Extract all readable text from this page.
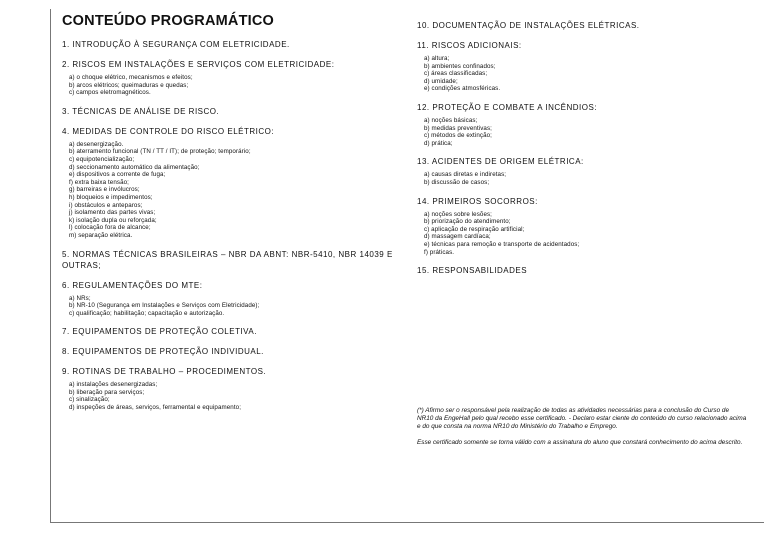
CONTEÚDO PROGRAMÁTICO
1. INTRODUÇÃO À SEGURANÇA COM ELETRICIDADE.
2. RISCOS EM INSTALAÇÕES E SERVIÇOS COM ELETRICIDADE:
a) o choque elétrico, mecanismos e efeitos;
b) arcos elétricos; queimaduras e quedas;
c) campos eletromagnéticos.
3. TÉCNICAS DE ANÁLISE DE RISCO.
4. MEDIDAS DE CONTROLE DO RISCO ELÉTRICO:
a) desenergização.
b) aterramento funcional (TN / TT / IT); de proteção; temporário;
c) equipotencialização;
d) seccionamento automático da alimentação;
e) dispositivos a corrente de fuga;
f) extra baixa tensão;
g) barreiras e invólucros;
h) bloqueios e impedimentos;
i) obstáculos e anteparos;
j) isolamento das partes vivas;
k) isolação dupla ou reforçada;
l) colocação fora de alcance;
m) separação elétrica.
5. NORMAS TÉCNICAS BRASILEIRAS – NBR DA ABNT: NBR-5410, NBR 14039 E OUTRAS;
6. REGULAMENTAÇÕES DO MTE:
a) NRs;
b) NR-10 (Segurança em Instalações e Serviços com Eletricidade);
c) qualificação; habilitação; capacitação e autorização.
7. EQUIPAMENTOS DE PROTEÇÃO COLETIVA.
8. EQUIPAMENTOS DE PROTEÇÃO INDIVIDUAL.
9. ROTINAS DE TRABALHO – PROCEDIMENTOS.
a) instalações desenergizadas;
b) liberação para serviços;
c) sinalização;
d) inspeções de áreas, serviços, ferramental e equipamento;
10. DOCUMENTAÇÃO DE INSTALAÇÕES ELÉTRICAS.
11. RISCOS ADICIONAIS:
a) altura;
b) ambientes confinados;
c) áreas classificadas;
d) umidade;
e) condições atmosféricas.
12. PROTEÇÃO E COMBATE A INCÊNDIOS:
a) noções básicas;
b) medidas preventivas;
c) métodos de extinção;
d) prática;
13. ACIDENTES DE ORIGEM ELÉTRICA:
a) causas diretas e indiretas;
b) discussão de casos;
14. PRIMEIROS SOCORROS:
a) noções sobre lesões;
b) priorização do atendimento;
c) aplicação de respiração artificial;
d) massagem cardíaca;
e) técnicas para remoção e transporte de acidentados;
f) práticas.
15. RESPONSABILIDADES
(*) Afirmo ser o responsável pela realização de todas as atividades necessárias para a conclusão do Curso de NR10 da EngeHall pelo qual recebo esse certificado. - Declaro estar ciente do conteúdo do curso relacionado acima e do que consta na norma NR10 do Ministério do Trabalho e Emprego.
Esse certificado somente se torna válido com a assinatura do aluno que constará conhecimento do acima descrito.
